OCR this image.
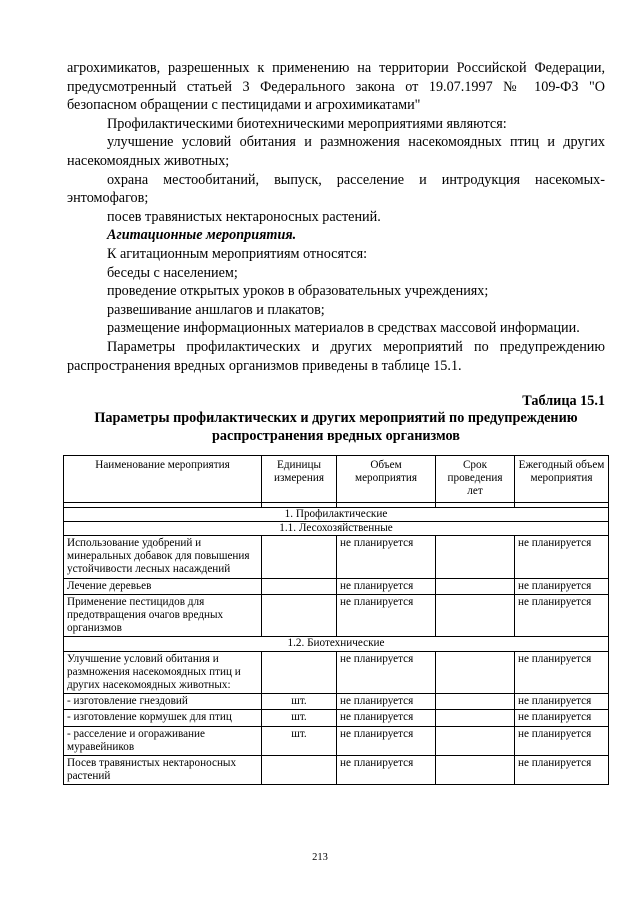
агрохимикатов, разрешенных к применению на территории Российской Федерации, предусмотренный статьей 3 Федерального закона от 19.07.1997 № 109-ФЗ "О безопасном обращении с пестицидами и агрохимикатами"

Профилактическими биотехническими мероприятиями являются:

улучшение условий обитания и размножения насекомоядных птиц и других насекомоядных животных;

охрана местообитаний, выпуск, расселение и интродукция насекомых-энтомофагов;

посев травянистых нектароносных растений.

Агитационные мероприятия.

К агитационным мероприятиям относятся:

беседы с населением;

проведение открытых уроков в образовательных учреждениях;

развешивание аншлагов и плакатов;

размещение информационных материалов в средствах массовой информации.

Параметры профилактических и других мероприятий по предупреждению распространения вредных организмов приведены в таблице 15.1.

Таблица 15.1
Параметры профилактических и других мероприятий по предупреждению распространения вредных организмов
Наименование мероприятия	Единицы измерения	Объем мероприятия	Срок проведения лет	Ежегодный объем мероприятия

1. Профилактические				
1.1. Лесохозяйственные				
Использование удобрений и минеральных добавок для повышения устойчивости лесных насаждений		не планируется		не планируется
Лечение деревьев		не планируется		не планируется
Применение пестицидов для предотвращения очагов вредных организмов		не планируется		не планируется
1.2. Биотехнические				
Улучшение условий обитания и размножения насекомоядных птиц и других насекомоядных животных:		не планируется		не планируется
- изготовление гнездовий	шт.	не планируется		не планируется
- изготовление кормушек для птиц	шт.	не планируется		не планируется
- расселение и огораживание муравейников	шт.	не планируется		не планируется
Посев травянистых нектароносных растений		не планируется		не планируется
213
